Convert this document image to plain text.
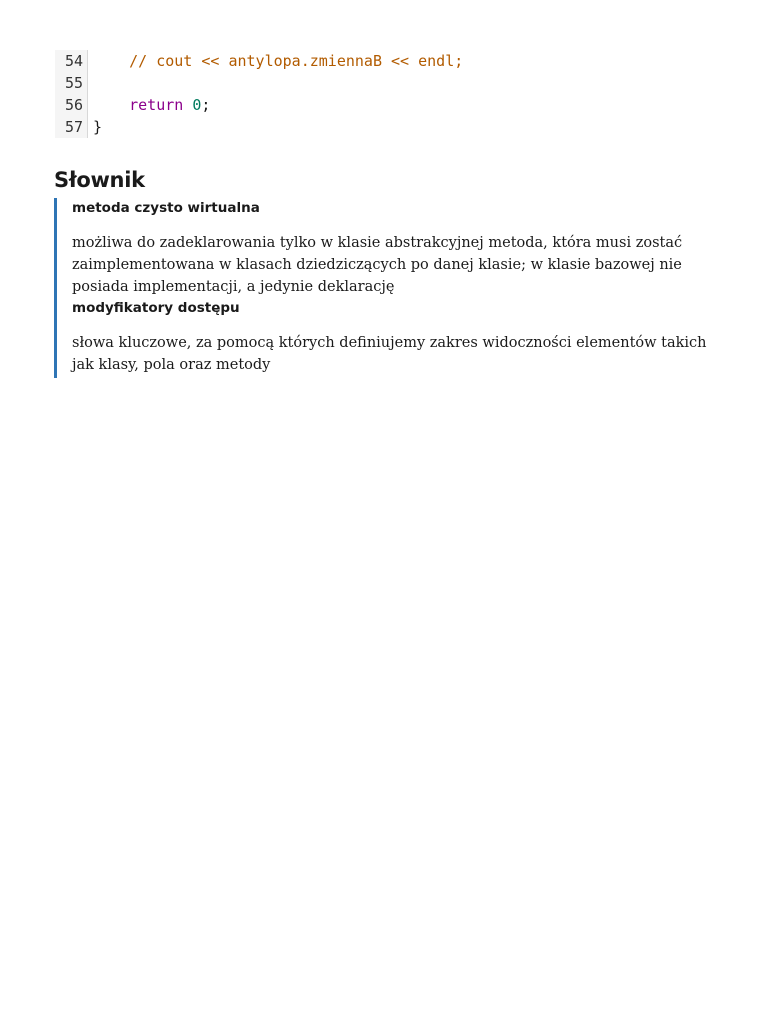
54	// cout << antylopa.zmiennaB << endl;
55
56	return 0;
57 }
Słownik
metoda czysto wirtualna

możliwa do zadeklarowania tylko w klasie abstrakcyjnej metoda, która musi zostać zaimplementowana w klasach dziedziczących po danej klasie; w klasie bazowej nie posiada implementacji, a jedynie deklarację

modyfikatory dostępu

słowa kluczowe, za pomocą których definiujemy zakres widoczności elementów takich jak klasy, pola oraz metody
